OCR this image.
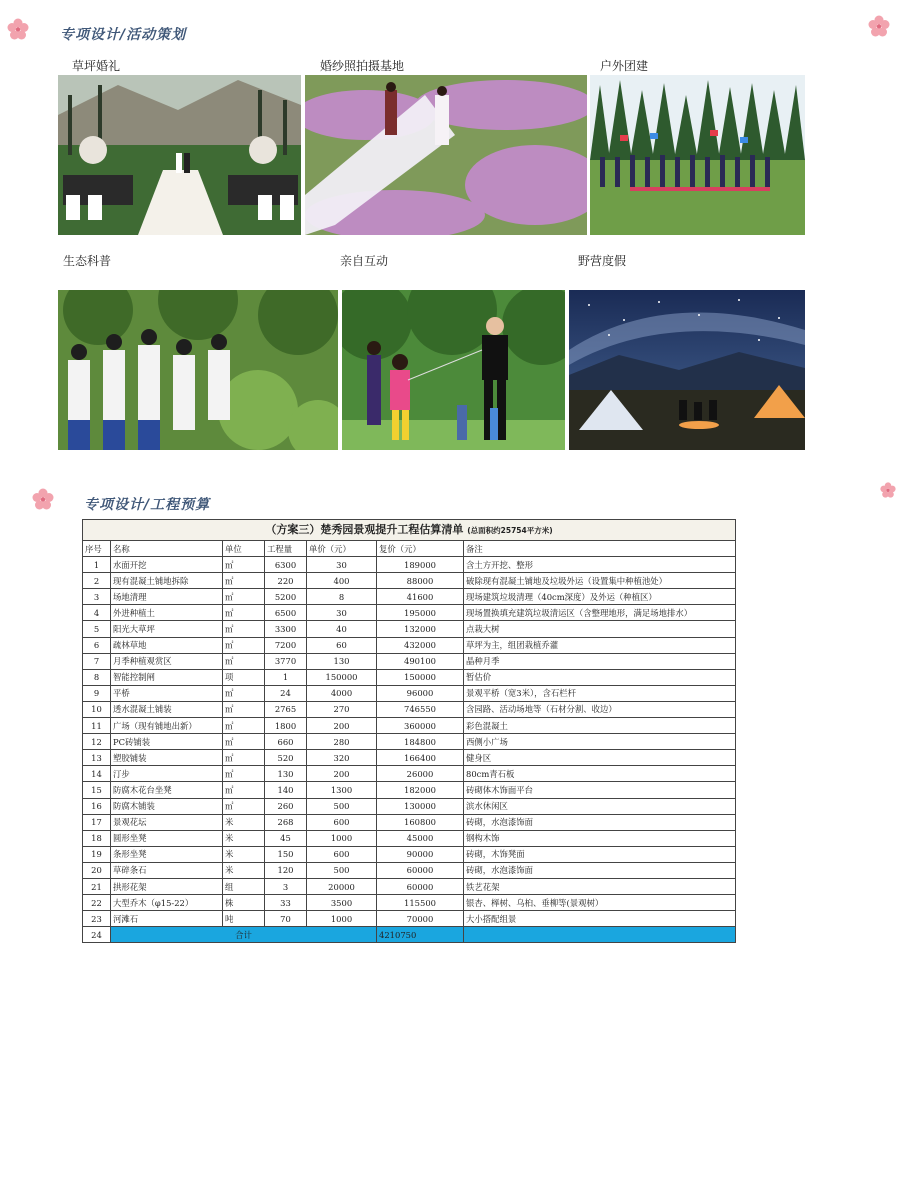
专项设计/活动策划
草坪婚礼	婚纱照拍摄基地	户外团建
生态科普	亲自互动	野营度假
专项设计/工程预算
（方案三）楚秀园景观提升工程估算清单 (总面积约25754平方米)						
序号	名称	单位	工程量	单价（元）	复价（元）	备注
1	水面开挖	㎡	6300	30	189000	含土方开挖、整形
2	现有混凝土铺地拆除	㎡	220	400	88000	破除现有混凝土铺地及垃圾外运（设置集中种植池处）
3	场地清理	㎡	5200	8	41600	现场建筑垃圾清理（40cm深度）及外运（种植区）
4	外进种植土	㎡	6500	30	195000	现场置换填充建筑垃圾清运区（含整理地形，满足场地排水）
5	阳光大草坪	㎡	3300	40	132000	点栽大树
6	疏林草地	㎡	7200	60	432000	草坪为主，组团栽植乔灌
7	月季种植观赏区	㎡	3770	130	490100	晶种月季
8	智能控制闸	项	1	150000	150000	暂估价
9	平桥	㎡	24	4000	96000	景观平桥（宽3米），含石栏杆
10	透水混凝土铺装	㎡	2765	270	746550	含园路、活动场地等（石材分割、收边）
11	广场（现有铺地出新）	㎡	1800	200	360000	彩色混凝土
12	PC砖铺装	㎡	660	280	184800	西侧小广场
13	塑胶铺装	㎡	520	320	166400	健身区
14	汀步	㎡	130	200	26000	80cm青石板
15	防腐木花台坐凳	㎡	140	1300	182000	砖砌体木饰面平台
16	防腐木铺装	㎡	260	500	130000	滨水休闲区
17	景观花坛	米	268	600	160800	砖砌，水泡漆饰面
18	圆形坐凳	米	45	1000	45000	钢构木饰
19	条形坐凳	米	150	600	90000	砖砌，木饰凳面
20	草碎条石	米	120	500	60000	砖砌，水泡漆饰面
21	拱形花架	组	3	20000	60000	铁艺花架
22	大型乔木（φ15-22）	株	33	3500	115500	银杏、榉树、乌桕、垂柳等(景观树）
23	河滩石	吨	70	1000	70000	大小搭配组景
24	合计				4210750	
